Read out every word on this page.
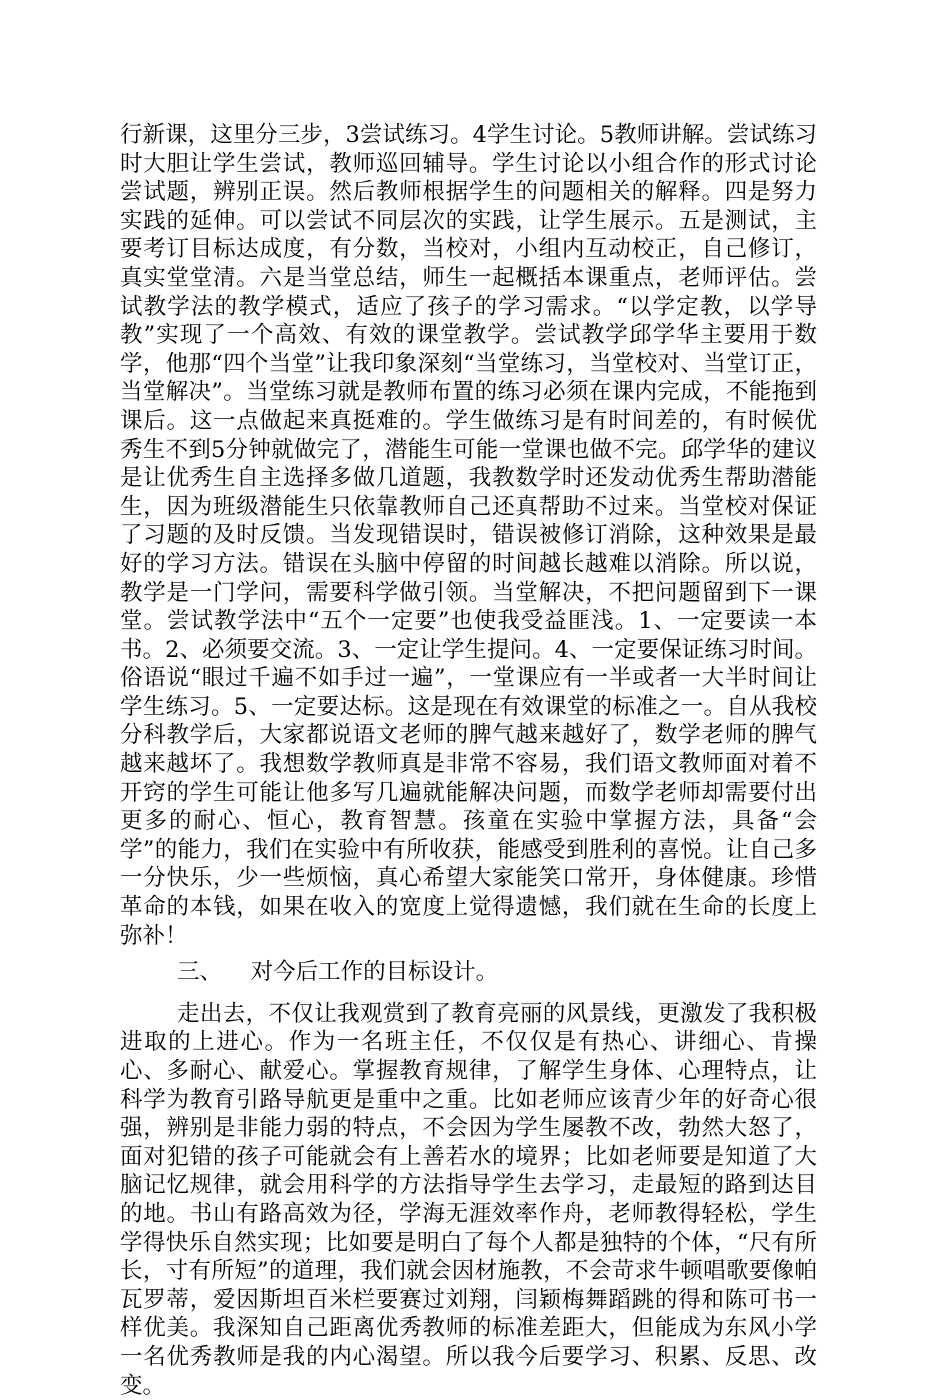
行新课，这里分三步，3尝试练习。4学生讨论。5教师讲解。尝试练习时大胆让学生尝试，教师巡回辅导。学生讨论以小组合作的形式讨论尝试题，辨别正误。然后教师根据学生的问题相关的解释。四是努力实践的延伸。可以尝试不同层次的实践，让学生展示。五是测试，主要考订目标达成度，有分数，当校对，小组内互动校正，自己修订，真实堂堂清。六是当堂总结，师生一起概括本课重点，老师评估。尝试教学法的教学模式，适应了孩子的学习需求。“以学定教，以学导教”实现了一个高效、有效的课堂教学。尝试教学邱学华主要用于数学，他那“四个当堂”让我印象深刻“当堂练习，当堂校对、当堂订正，当堂解决”。当堂练习就是教师布置的练习必须在课内完成，不能拖到课后。这一点做起来真挺难的。学生做练习是有时间差的，有时候优秀生不到5分钟就做完了，潜能生可能一堂课也做不完。邱学华的建议是让优秀生自主选择多做几道题，我教数学时还发动优秀生帮助潜能生，因为班级潜能生只依靠教师自己还真帮助不过来。当堂校对保证了习题的及时反馈。当发现错误时，错误被修订消除，这种效果是最好的学习方法。错误在头脑中停留的时间越长越难以消除。所以说，教学是一门学问，需要科学做引领。当堂解决，不把问题留到下一课堂。尝试教学法中“五个一定要”也使我受益匪浅。1、一定要读一本书。2、必须要交流。3、一定让学生提问。4、一定要保证练习时间。俗语说“眼过千遍不如手过一遍”，一堂课应有一半或者一大半时间让学生练习。5、一定要达标。这是现在有效课堂的标准之一。自从我校分科教学后，大家都说语文老师的脾气越来越好了，数学老师的脾气越来越坏了。我想数学教师真是非常不容易，我们语文教师面对着不开窍的学生可能让他多写几遍就能解决问题，而数学老师却需要付出更多的耐心、恒心，教育智慧。孩童在实验中掌握方法，具备“会学”的能力，我们在实验中有所收获，能感受到胜利的喜悦。让自己多一分快乐，少一些烦恼，真心希望大家能笑口常开，身体健康。珍惜革命的本钱，如果在收入的宽度上觉得遗憾，我们就在生命的长度上弥补！

三、 对今后工作的目标设计。

走出去，不仅让我观赏到了教育亮丽的风景线，更激发了我积极进取的上进心。作为一名班主任，不仅仅是有热心、讲细心、肯操心、多耐心、献爱心。掌握教育规律，了解学生身体、心理特点，让科学为教育引路导航更是重中之重。比如老师应该青少年的好奇心很强，辨别是非能力弱的特点，不会因为学生屡教不改，勃然大怒了，面对犯错的孩子可能就会有上善若水的境界；比如老师要是知道了大脑记忆规律，就会用科学的方法指导学生去学习，走最短的路到达目的地。书山有路高效为径，学海无涯效率作舟，老师教得轻松，学生学得快乐自然实现；比如要是明白了每个人都是独特的个体，“尺有所长，寸有所短”的道理，我们就会因材施教，不会苛求牛顿唱歌要像帕瓦罗蒂，爱因斯坦百米栏要赛过刘翔，闫颖梅舞蹈跳的得和陈可书一样优美。我深知自己距离优秀教师的标准差距大，但能成为东风小学一名优秀教师是我的内心渴望。所以我今后要学习、积累、反思、改变。
